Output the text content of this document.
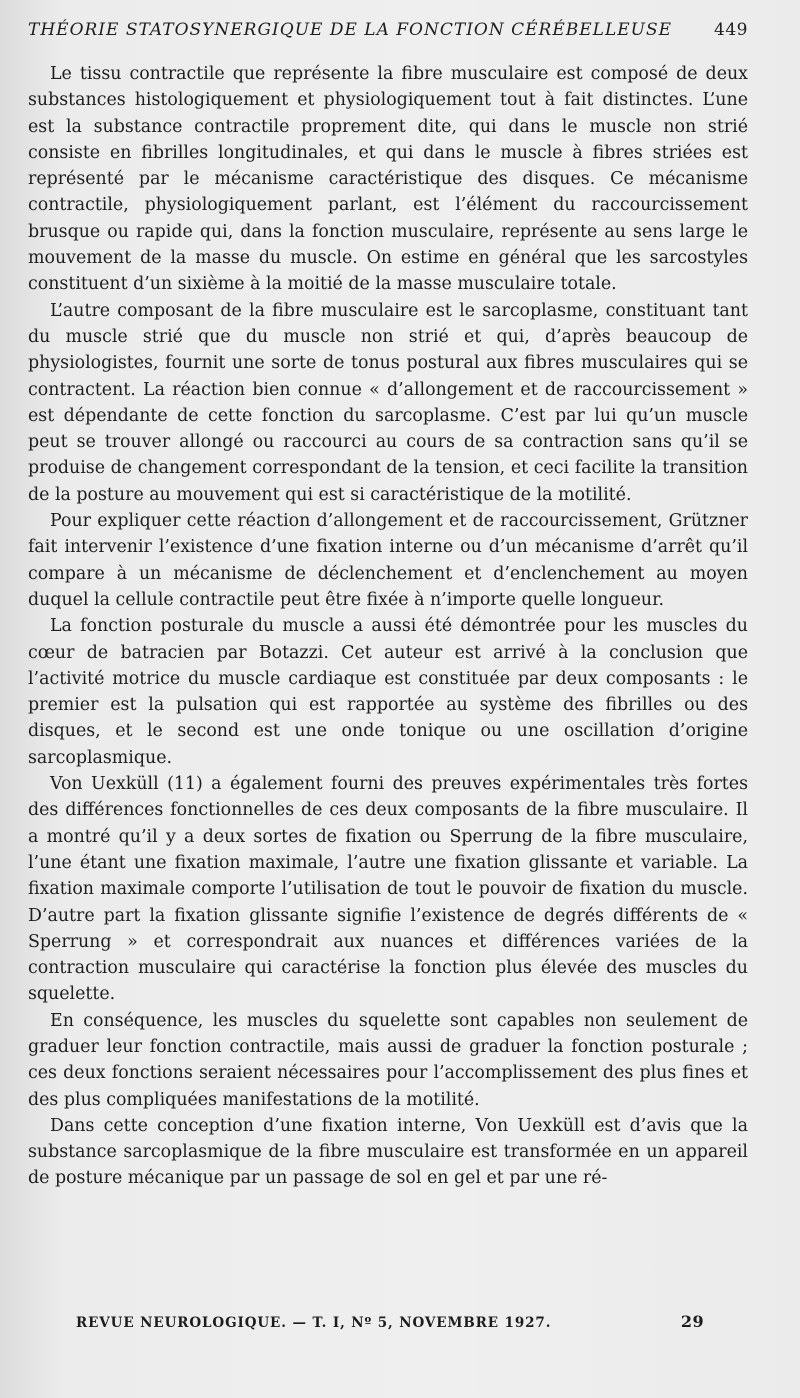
THÉORIE STATOSYNERGIQUE DE LA FONCTION CÉRÉBELLEUSE 449

Le tissu contractile que représente la fibre musculaire est composé de deux substances histologiquement et physiologiquement tout à fait distinctes. L’une est la substance contractile proprement dite, qui dans le muscle non strié consiste en fibrilles longitudinales, et qui dans le muscle à fibres striées est représenté par le mécanisme caractéristique des disques. Ce mécanisme contractile, physiologiquement parlant, est l’élément du raccourcissement brusque ou rapide qui, dans la fonction musculaire, représente au sens large le mouvement de la masse du muscle. On estime en général que les sarcostyles constituent d’un sixième à la moitié de la masse musculaire totale.

L’autre composant de la fibre musculaire est le sarcoplasme, constituant tant du muscle strié que du muscle non strié et qui, d’après beaucoup de physiologistes, fournit une sorte de tonus postural aux fibres musculaires qui se contractent. La réaction bien connue « d’allongement et de raccourcissement » est dépendante de cette fonction du sarcoplasme. C’est par lui qu’un muscle peut se trouver allongé ou raccourci au cours de sa contraction sans qu’il se produise de changement correspondant de la tension, et ceci facilite la transition de la posture au mouvement qui est si caractéristique de la motilité.

Pour expliquer cette réaction d’allongement et de raccourcissement, Grützner fait intervenir l’existence d’une fixation interne ou d’un mécanisme d’arrêt qu’il compare à un mécanisme de déclenchement et d’enclenchement au moyen duquel la cellule contractile peut être fixée à n’importe quelle longueur.

La fonction posturale du muscle a aussi été démontrée pour les muscles du cœur de batracien par Botazzi. Cet auteur est arrivé à la conclusion que l’activité motrice du muscle cardiaque est constituée par deux composants : le premier est la pulsation qui est rapportée au système des fibrilles ou des disques, et le second est une onde tonique ou une oscillation d’origine sarcoplasmique.

Von Uexküll (11) a également fourni des preuves expérimentales très fortes des différences fonctionnelles de ces deux composants de la fibre musculaire. Il a montré qu’il y a deux sortes de fixation ou Sperrung de la fibre musculaire, l’une étant une fixation maximale, l’autre une fixation glissante et variable. La fixation maximale comporte l’utilisation de tout le pouvoir de fixation du muscle. D’autre part la fixation glissante signifie l’existence de degrés différents de « Sperrung » et correspondrait aux nuances et différences variées de la contraction musculaire qui caractérise la fonction plus élevée des muscles du squelette.

En conséquence, les muscles du squelette sont capables non seulement de graduer leur fonction contractile, mais aussi de graduer la fonction posturale ; ces deux fonctions seraient nécessaires pour l’accomplissement des plus fines et des plus compliquées manifestations de la motilité.

Dans cette conception d’une fixation interne, Von Uexküll est d’avis que la substance sarcoplasmique de la fibre musculaire est transformée en un appareil de posture mécanique par un passage de sol en gel et par une ré-

REVUE NEUROLOGIQUE. — T. I, Nº 5, NOVEMBRE 1927.	29
